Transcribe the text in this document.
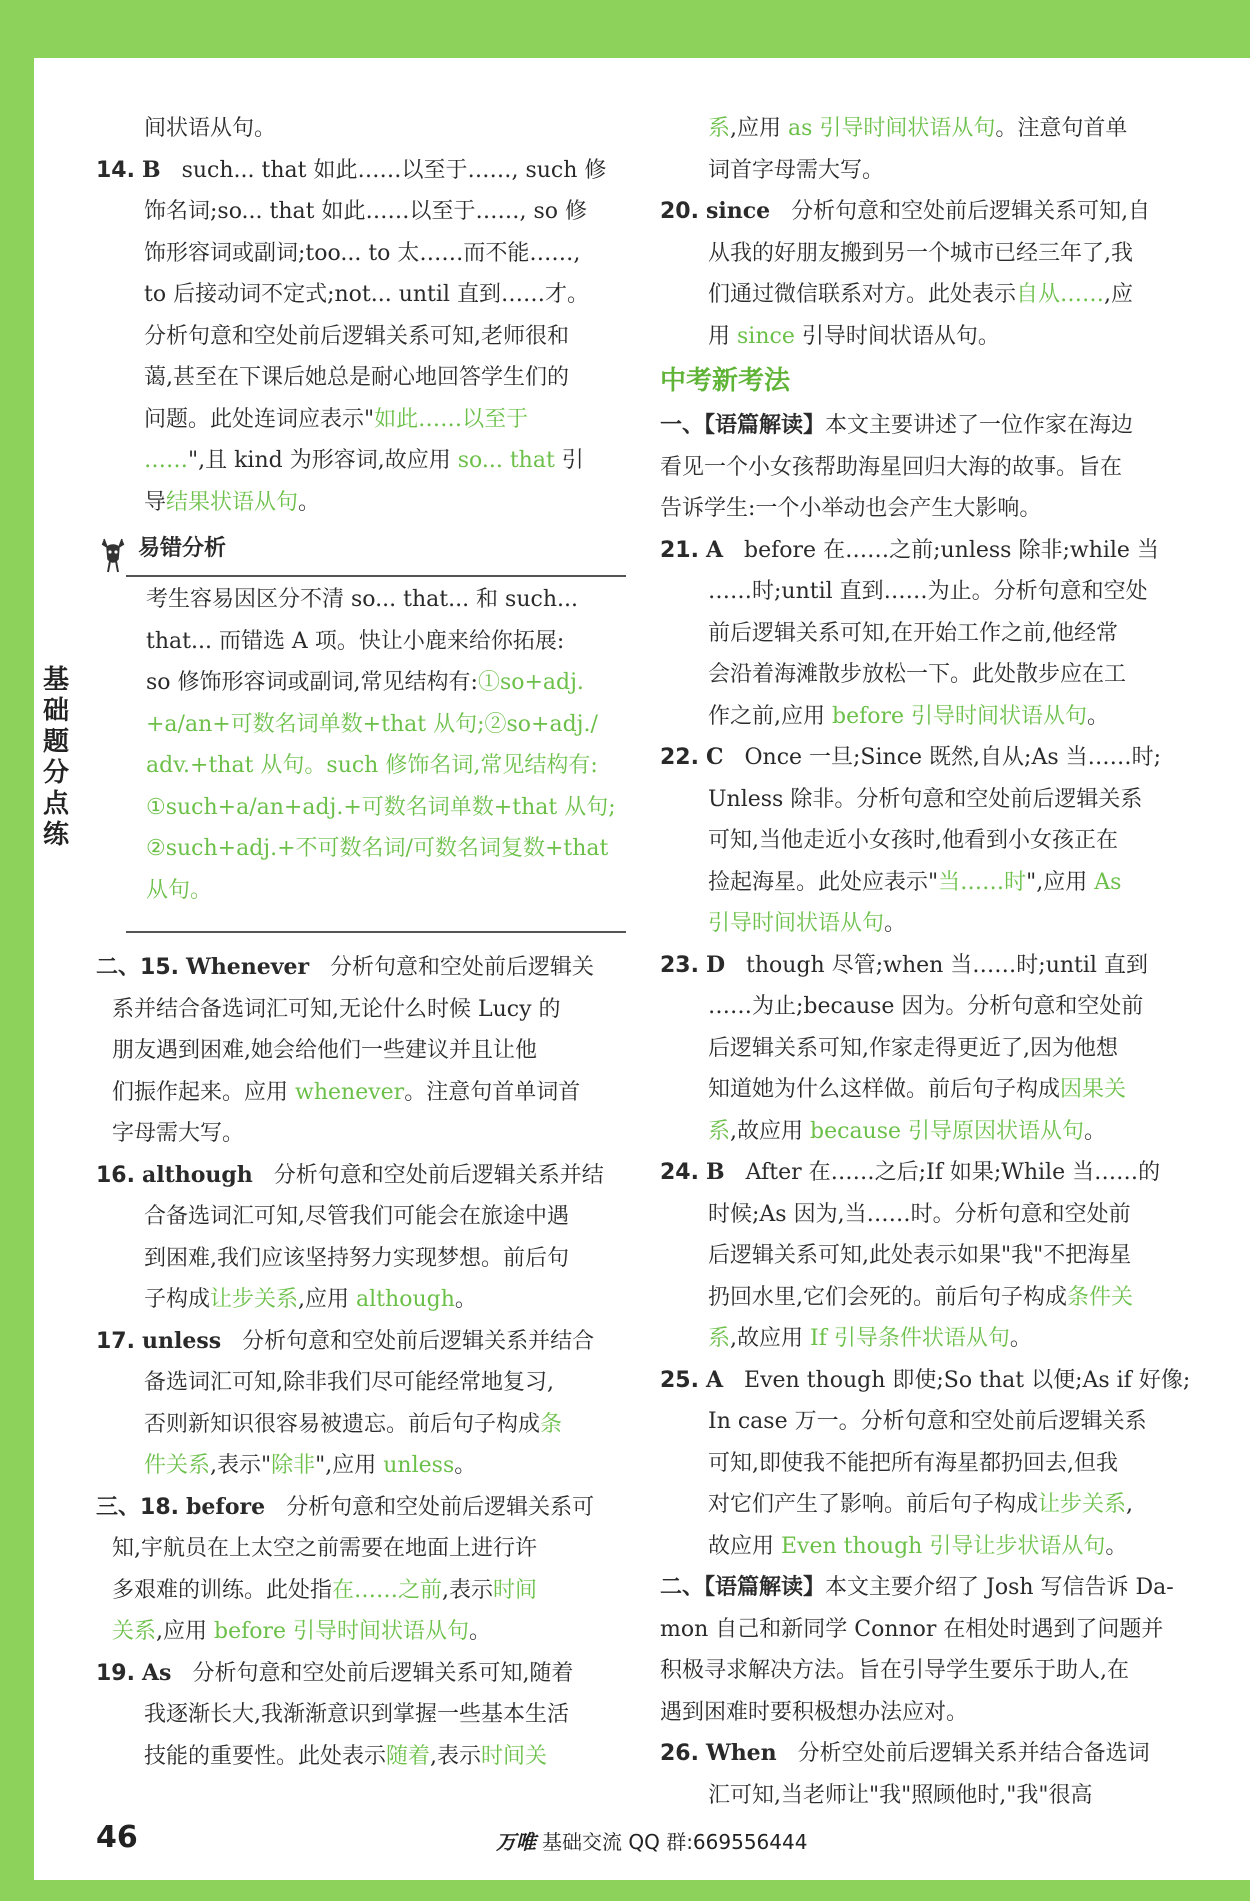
基础题分点练
间状语从句。
14. B such... that 如此……以至于……, such 修
饰名词;so... that 如此……以至于……, so 修
饰形容词或副词;too... to 太……而不能……,
to 后接动词不定式;not... until 直到……才。
分析句意和空处前后逻辑关系可知,老师很和
蔼,甚至在下课后她总是耐心地回答学生们的
问题。此处连词应表示"如此……以至于
……",且 kind 为形容词,故应用 so... that 引
导结果状语从句。
易错分析
考生容易因区分不清 so... that... 和 such...
that... 而错选 A 项。快让小鹿来给你拓展:
so 修饰形容词或副词,常见结构有:①so+adj.
+a/an+可数名词单数+that 从句;②so+adj./
adv.+that 从句。such 修饰名词,常见结构有:
①such+a/an+adj.+可数名词单数+that 从句;
②such+adj.+不可数名词/可数名词复数+that
从句。
二、15. Whenever 分析句意和空处前后逻辑关
系并结合备选词汇可知,无论什么时候 Lucy 的
朋友遇到困难,她会给他们一些建议并且让他
们振作起来。应用 whenever。注意句首单词首
字母需大写。
16. although 分析句意和空处前后逻辑关系并结
合备选词汇可知,尽管我们可能会在旅途中遇
到困难,我们应该坚持努力实现梦想。前后句
子构成让步关系,应用 although。
17. unless 分析句意和空处前后逻辑关系并结合
备选词汇可知,除非我们尽可能经常地复习,
否则新知识很容易被遗忘。前后句子构成条
件关系,表示"除非",应用 unless。
三、18. before 分析句意和空处前后逻辑关系可
知,宇航员在上太空之前需要在地面上进行许
多艰难的训练。此处指在……之前,表示时间
关系,应用 before 引导时间状语从句。
19. As 分析句意和空处前后逻辑关系可知,随着
我逐渐长大,我渐渐意识到掌握一些基本生活
技能的重要性。此处表示随着,表示时间关
系,应用 as 引导时间状语从句。注意句首单
词首字母需大写。
20. since 分析句意和空处前后逻辑关系可知,自
从我的好朋友搬到另一个城市已经三年了,我
们通过微信联系对方。此处表示自从……,应
用 since 引导时间状语从句。
中考新考法
一、【语篇解读】本文主要讲述了一位作家在海边
看见一个小女孩帮助海星回归大海的故事。旨在
告诉学生:一个小举动也会产生大影响。
21. A before 在……之前;unless 除非;while 当
……时;until 直到……为止。分析句意和空处
前后逻辑关系可知,在开始工作之前,他经常
会沿着海滩散步放松一下。此处散步应在工
作之前,应用 before 引导时间状语从句。
22. C Once 一旦;Since 既然,自从;As 当……时;
Unless 除非。分析句意和空处前后逻辑关系
可知,当他走近小女孩时,他看到小女孩正在
捡起海星。此处应表示"当……时",应用 As
引导时间状语从句。
23. D though 尽管;when 当……时;until 直到
……为止;because 因为。分析句意和空处前
后逻辑关系可知,作家走得更近了,因为他想
知道她为什么这样做。前后句子构成因果关
系,故应用 because 引导原因状语从句。
24. B After 在……之后;If 如果;While 当……的
时候;As 因为,当……时。分析句意和空处前
后逻辑关系可知,此处表示如果"我"不把海星
扔回水里,它们会死的。前后句子构成条件关
系,故应用 If 引导条件状语从句。
25. A Even though 即使;So that 以便;As if 好像;
In case 万一。分析句意和空处前后逻辑关系
可知,即使我不能把所有海星都扔回去,但我
对它们产生了影响。前后句子构成让步关系,
故应用 Even though 引导让步状语从句。
二、【语篇解读】本文主要介绍了 Josh 写信告诉 Da-
mon 自己和新同学 Connor 在相处时遇到了问题并
积极寻求解决方法。旨在引导学生要乐于助人,在
遇到困难时要积极想办法应对。
26. When 分析空处前后逻辑关系并结合备选词
汇可知,当老师让"我"照顾他时,"我"很高
46	万唯 基础交流 QQ 群:669556444
